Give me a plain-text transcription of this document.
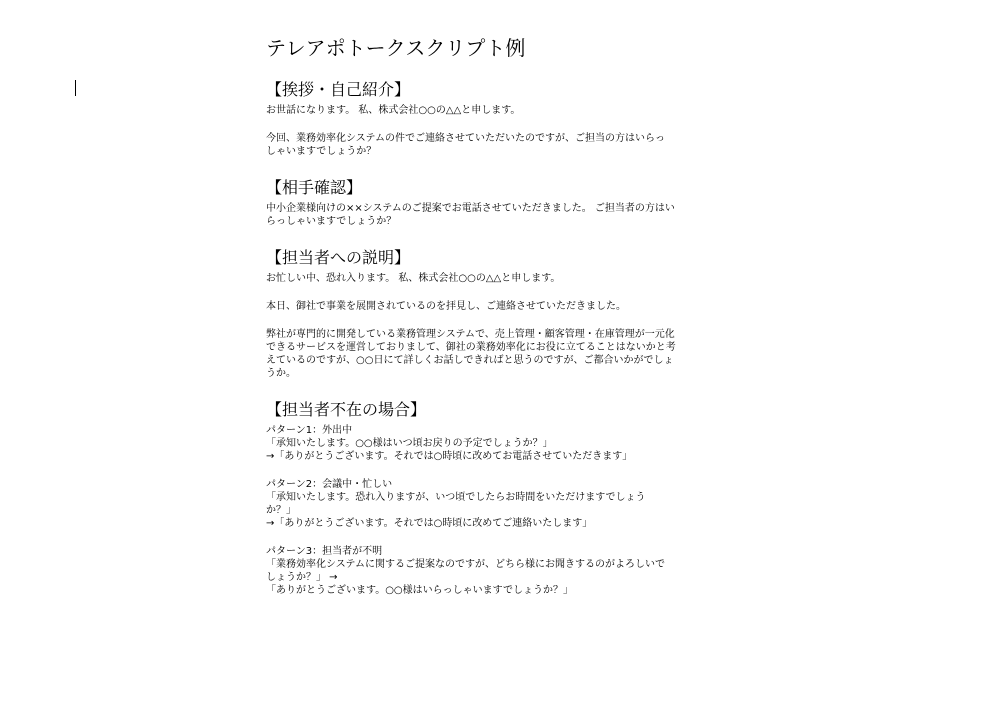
テレアポトークスクリプト例
【挨拶・自己紹介】

お世話になります。 私、株式会社○○の△△と申します。

今回、業務効率化システムの件でご連絡させていただいたのですが、ご担当の方はいらっ
しゃいますでしょうか？

【相手確認】

中小企業様向けの××システムのご提案でお電話させていただきました。 ご担当者の方はい
らっしゃいますでしょうか？

【担当者への説明】

お忙しい中、恐れ入ります。 私、株式会社○○の△△と申します。

本日、御社で事業を展開されているのを拝見し、ご連絡させていただきました。

弊社が専門的に開発している業務管理システムで、売上管理・顧客管理・在庫管理が一元化
できるサービスを運営しておりまして、御社の業務効率化にお役に立てることはないかと考
えているのですが、○○日にて詳しくお話しできればと思うのですが、ご都合いかがでしょ
うか。

【担当者不在の場合】

パターン1：外出中
「承知いたします。○○様はいつ頃お戻りの予定でしょうか？」
→「ありがとうございます。それでは○時頃に改めてお電話させていただきます」

パターン2：会議中・忙しい
「承知いたします。恐れ入りますが、いつ頃でしたらお時間をいただけますでしょう
か？」
→「ありがとうございます。それでは○時頃に改めてご連絡いたします」

パターン3：担当者が不明
「業務効率化システムに関するご提案なのですが、どちら様にお聞きするのがよろしいで
しょうか？」 →
「ありがとうございます。○○様はいらっしゃいますでしょうか？」
